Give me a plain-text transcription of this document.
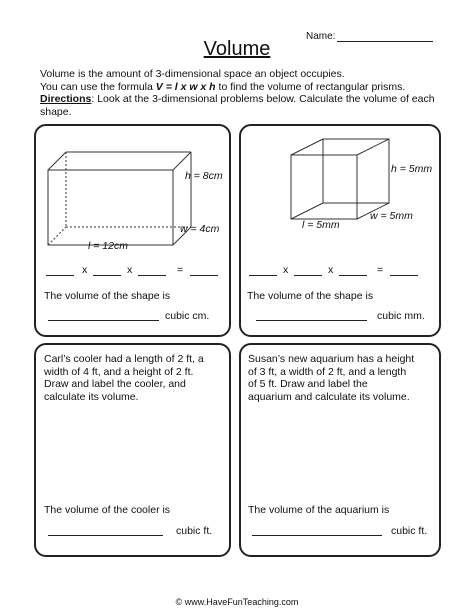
Name:
Volume
Volume is the amount of 3-dimensional space an object occupies.
You can use the formula V = l x w x h to find the volume of rectangular prisms.
Directions: Look at the 3-dimensional problems below. Calculate the volume of each shape.
h = 8cm
w = 4cm
l = 12cm
x	x	=
The volume of the shape is
cubic cm.
h = 5mm
w = 5mm
l = 5mm
x	x	=
The volume of the shape is
cubic mm.
Carl’s cooler had a length of 2 ft, a
width of 4 ft, and a height of 2 ft.
Draw and label the cooler, and
calculate its volume.
The volume of the cooler is
cubic ft.
Susan’s new aquarium has a height
of 3 ft, a width of 2 ft, and a length
of 5 ft. Draw and label the
aquarium and calculate its volume.
The volume of the aquarium is
cubic ft.
© www.HaveFunTeaching.com
